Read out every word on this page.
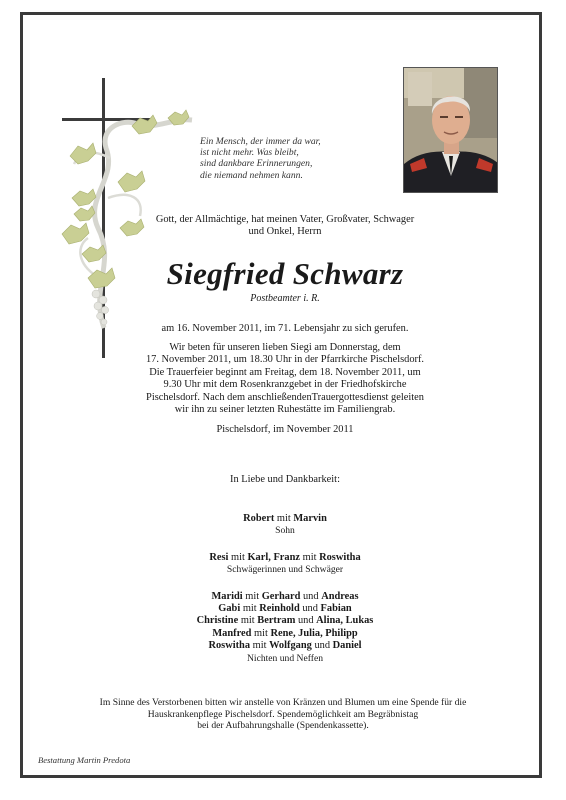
Ein Mensch, der immer da war,
ist nicht mehr. Was bleibt,
sind dankbare Erinnerungen,
die niemand nehmen kann.
Gott, der Allmächtige, hat meinen Vater, Großvater, Schwager
und Onkel, Herrn
Siegfried Schwarz
Postbeamter i. R.
am 16. November 2011, im 71. Lebensjahr zu sich gerufen.
Wir beten für unseren lieben Siegi am Donnerstag, dem
17. November 2011, um 18.30 Uhr in der Pfarrkirche Pischelsdorf.
Die Trauerfeier beginnt am Freitag, dem 18. November 2011, um
9.30 Uhr mit dem Rosenkranzgebet in der Friedhofskirche
Pischelsdorf. Nach dem anschließendenTrauergottesdienst geleiten
wir ihn zu seiner letzten Ruhestätte im Familiengrab.
Pischelsdorf, im November 2011
In Liebe und Dankbarkeit:
Robert mit Marvin
Sohn
Resi mit Karl, Franz mit Roswitha
Schwägerinnen und Schwäger
Maridi mit Gerhard und Andreas
Gabi mit Reinhold und Fabian
Christine mit Bertram und Alina, Lukas
Manfred mit Rene, Julia, Philipp
Roswitha mit Wolfgang und Daniel
Nichten und Neffen
Im Sinne des Verstorbenen bitten wir anstelle von Kränzen und Blumen um eine Spende für die
Hauskrankenpflege Pischelsdorf. Spendemöglichkeit am Begräbnistag
bei der Aufbahrungshalle (Spendenkassette).
Bestattung Martin Predota
